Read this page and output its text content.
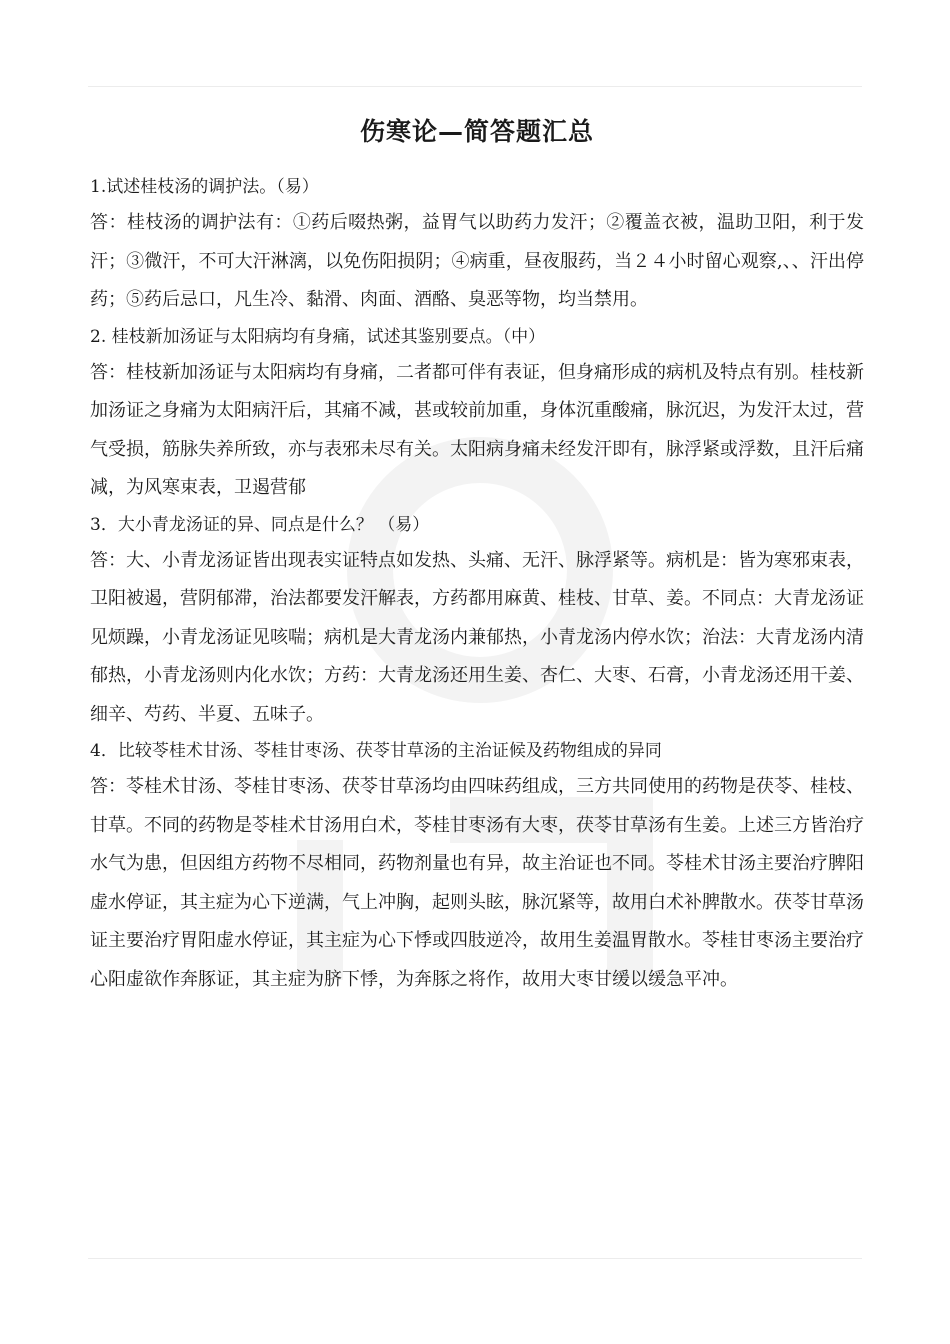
伤寒论—简答题汇总

1.试述桂枝汤的调护法。（易）

答：桂枝汤的调护法有：①药后啜热粥，益胃气以助药力发汗；②覆盖衣被，温助卫阳，利于发汗；③微汗，不可大汗淋漓，以免伤阳损阴；④病重，昼夜服药，当２４小时留心观察,、、汗出停药；⑤药后忌口，凡生冷、黏滑、肉面、酒酪、臭恶等物，均当禁用。

2. 桂枝新加汤证与太阳病均有身痛，试述其鉴别要点。（中）

答：桂枝新加汤证与太阳病均有身痛，二者都可伴有表证，但身痛形成的病机及特点有别。桂枝新加汤证之身痛为太阳病汗后，其痛不减，甚或较前加重，身体沉重酸痛，脉沉迟，为发汗太过，营气受损，筋脉失养所致，亦与表邪未尽有关。太阳病身痛未经发汗即有，脉浮紧或浮数，且汗后痛减，为风寒束表，卫遏营郁

3．大小青龙汤证的异、同点是什么？ （易）

答：大、小青龙汤证皆出现表实证特点如发热、头痛、无汗、脉浮紧等。病机是：皆为寒邪束表，卫阳被遏，营阴郁滞，治法都要发汗解表，方药都用麻黄、桂枝、甘草、姜。不同点：大青龙汤证见烦躁，小青龙汤证见咳喘；病机是大青龙汤内兼郁热，小青龙汤内停水饮；治法：大青龙汤内清郁热，小青龙汤则内化水饮；方药：大青龙汤还用生姜、杏仁、大枣、石膏，小青龙汤还用干姜、细辛、芍药、半夏、五味子。

4．比较苓桂术甘汤、苓桂甘枣汤、茯苓甘草汤的主治证候及药物组成的异同

答：苓桂术甘汤、苓桂甘枣汤、茯苓甘草汤均由四味药组成，三方共同使用的药物是茯苓、桂枝、甘草。不同的药物是苓桂术甘汤用白术，苓桂甘枣汤有大枣，茯苓甘草汤有生姜。上述三方皆治疗水气为患，但因组方药物不尽相同，药物剂量也有异，故主治证也不同。苓桂术甘汤主要治疗脾阳虚水停证，其主症为心下逆满，气上冲胸，起则头眩，脉沉紧等，故用白术补脾散水。茯苓甘草汤证主要治疗胃阳虚水停证，其主症为心下悸或四肢逆冷，故用生姜温胃散水。苓桂甘枣汤主要治疗心阳虚欲作奔豚证，其主症为脐下悸，为奔豚之将作，故用大枣甘缓以缓急平冲。
